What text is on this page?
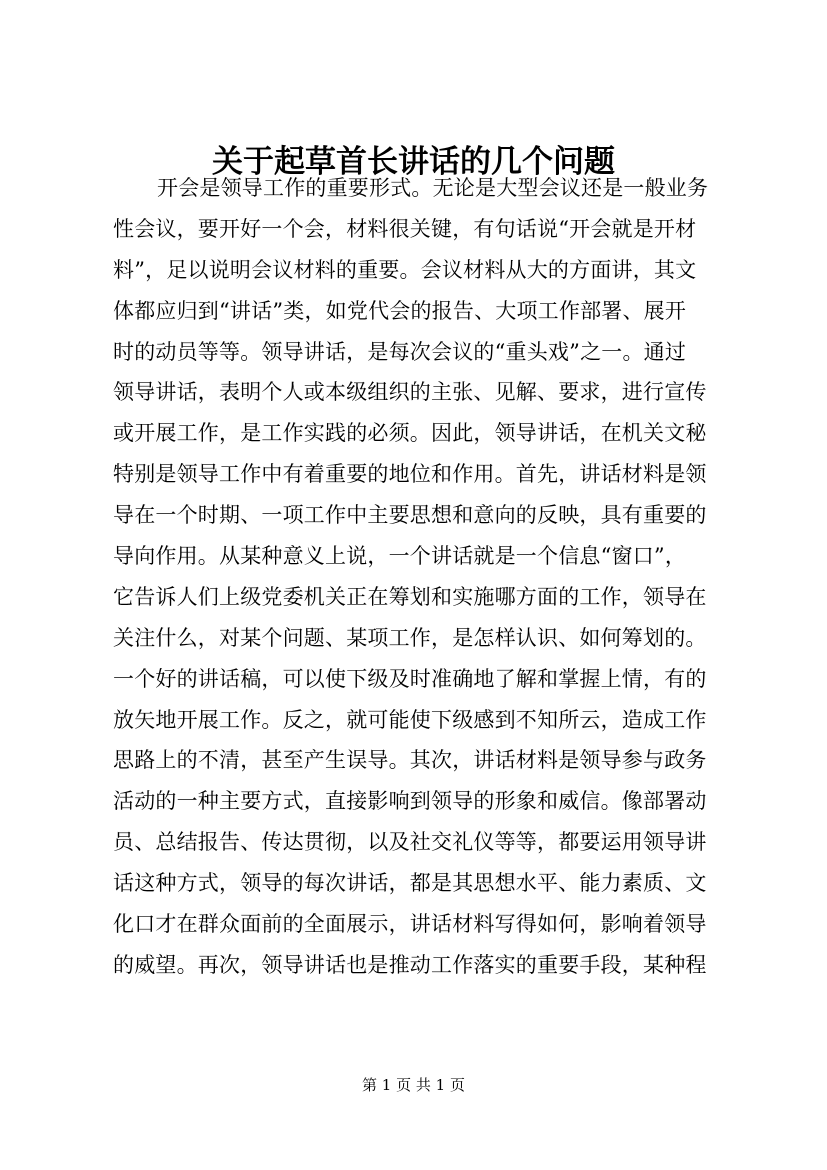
关于起草首长讲话的几个问题
开会是领导工作的重要形式。无论是大型会议还是一般业务
性会议，要开好一个会，材料很关键，有句话说“开会就是开材
料”，足以说明会议材料的重要。会议材料从大的方面讲，其文
体都应归到“讲话”类，如党代会的报告、大项工作部署、展开
时的动员等等。领导讲话，是每次会议的“重头戏”之一。通过
领导讲话，表明个人或本级组织的主张、见解、要求，进行宣传
或开展工作，是工作实践的必须。因此，领导讲话，在机关文秘
特别是领导工作中有着重要的地位和作用。首先，讲话材料是领
导在一个时期、一项工作中主要思想和意向的反映，具有重要的
导向作用。从某种意义上说，一个讲话就是一个信息“窗口”，
它告诉人们上级党委机关正在筹划和实施哪方面的工作，领导在
关注什么，对某个问题、某项工作，是怎样认识、如何筹划的。
一个好的讲话稿，可以使下级及时准确地了解和掌握上情，有的
放矢地开展工作。反之，就可能使下级感到不知所云，造成工作
思路上的不清，甚至产生误导。其次，讲话材料是领导参与政务
活动的一种主要方式，直接影响到领导的形象和威信。像部署动
员、总结报告、传达贯彻，以及社交礼仪等等，都要运用领导讲
话这种方式，领导的每次讲话，都是其思想水平、能力素质、文
化口才在群众面前的全面展示，讲话材料写得如何，影响着领导
的威望。再次，领导讲话也是推动工作落实的重要手段，某种程
第 1 页 共 1 页
